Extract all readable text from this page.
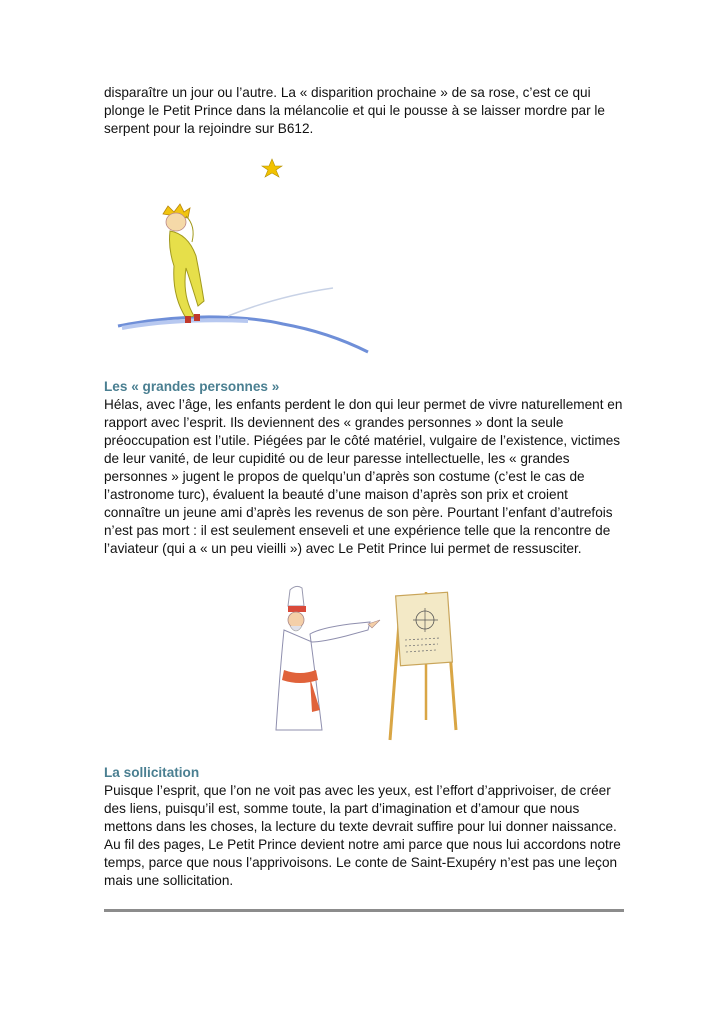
disparaître un jour ou l’autre. La « disparition prochaine » de sa rose, c’est ce qui plonge le Petit Prince dans la mélancolie et qui le pousse à se laisser mordre par le serpent pour la rejoindre sur B612.

Les « grandes personnes »

Hélas, avec l’âge, les enfants perdent le don qui leur permet de vivre naturellement en rapport avec l’esprit. Ils deviennent des « grandes personnes » dont la seule préoccupation est l’utile. Piégées par le côté matériel, vulgaire de l’existence, victimes de leur vanité, de leur cupidité ou de leur paresse intellectuelle, les « grandes personnes » jugent le propos de quelqu’un d’après son costume (c’est le cas de l’astronome turc), évaluent la beauté d’une maison d’après son prix et croient connaître un jeune ami d’après les revenus de son père. Pourtant l’enfant d’autrefois n’est pas mort : il est seulement enseveli et une expérience telle que la rencontre de l’aviateur (qui a « un peu vieilli ») avec Le Petit Prince lui permet de ressusciter.

La sollicitation

Puisque l’esprit, que l’on ne voit pas avec les yeux, est l’effort d’apprivoiser, de créer des liens, puisqu’il est, somme toute, la part d’imagination et d’amour que nous mettons dans les choses, la lecture du texte devrait suffire pour lui donner naissance. Au fil des pages, Le Petit Prince devient notre ami parce que nous lui accordons notre temps, parce que nous l’apprivoisons. Le conte de Saint-Exupéry n’est pas une leçon mais une sollicitation.
